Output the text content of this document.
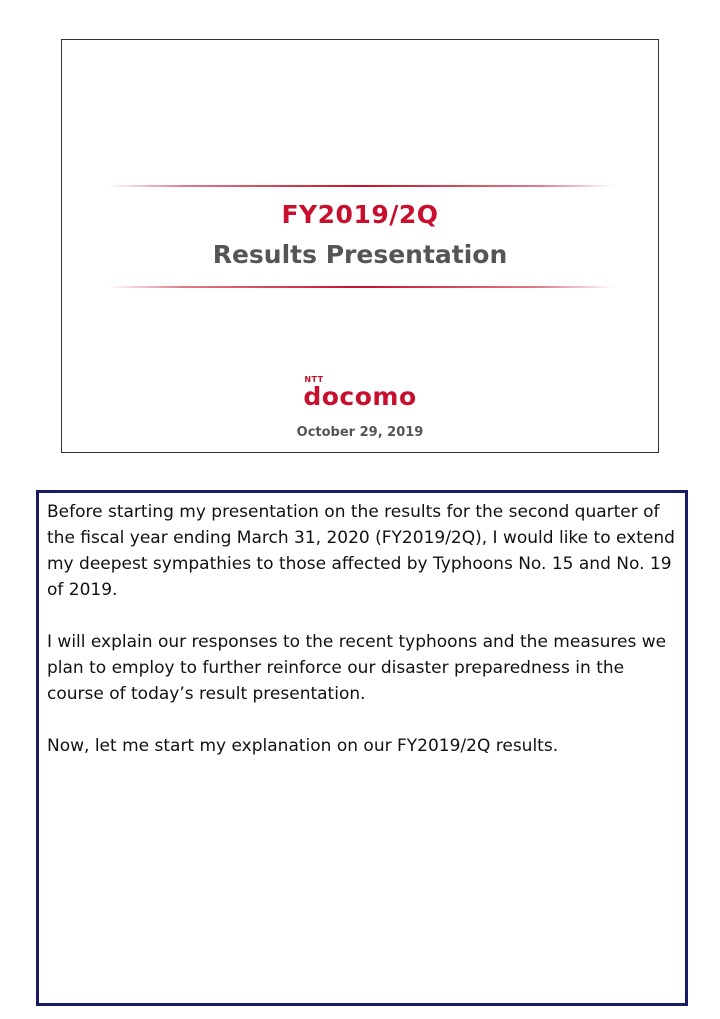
FY2019/2Q
Results Presentation
NTT
docomo
October 29, 2019

Before starting my presentation on the results for the second quarter of the fiscal year ending March 31, 2020 (FY2019/2Q), I would like to extend my deepest sympathies to those affected by Typhoons No. 15 and No. 19 of 2019.

I will explain our responses to the recent typhoons and the measures we plan to employ to further reinforce our disaster preparedness in the course of today’s result presentation.

Now, let me start my explanation on our FY2019/2Q results.
